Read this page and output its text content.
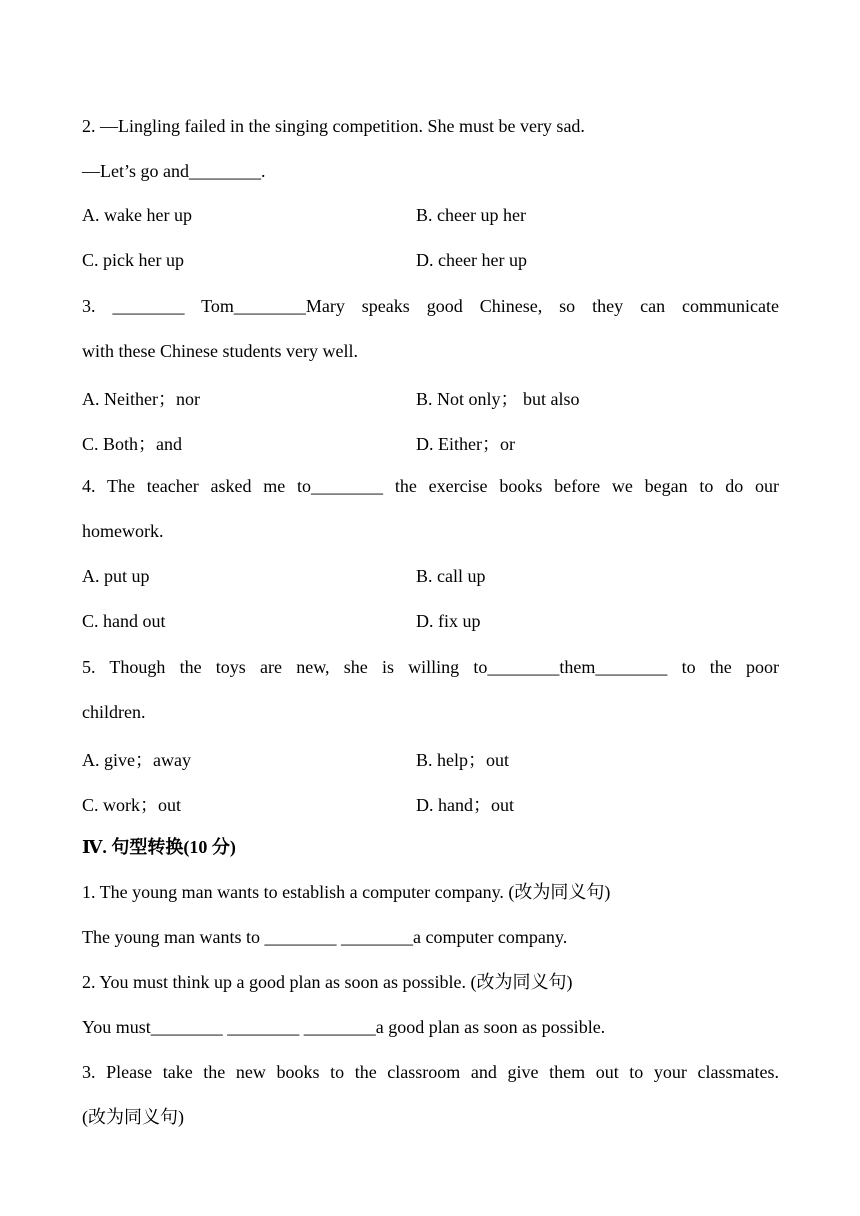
2. —Lingling failed in the singing competition. She must be very sad.
—Let’s go and________.
A. wake her up	B. cheer up her
C. pick her up	D. cheer her up
3. ________ Tom________Mary speaks good Chinese, so they can communicate
with these Chinese students very well.
A. Neither；nor	B. Not only； but also
C. Both；and	D. Either；or
4. The teacher asked me to________ the exercise books before we began to do our
homework.
A. put up	B. call up
C. hand out	D. fix up
5. Though the toys are new, she is willing to________them________ to the poor
children.
A. give；away	B. help；out
C. work；out	D. hand；out
Ⅳ. 句型转换(10 分)
1. The young man wants to establish a computer company. (改为同义句)
The young man wants to ________ ________a computer company.
2. You must think up a good plan as soon as possible. (改为同义句)
You must________ ________ ________a good plan as soon as possible.
3. Please take the new books to the classroom and give them out to your classmates.
(改为同义句)
